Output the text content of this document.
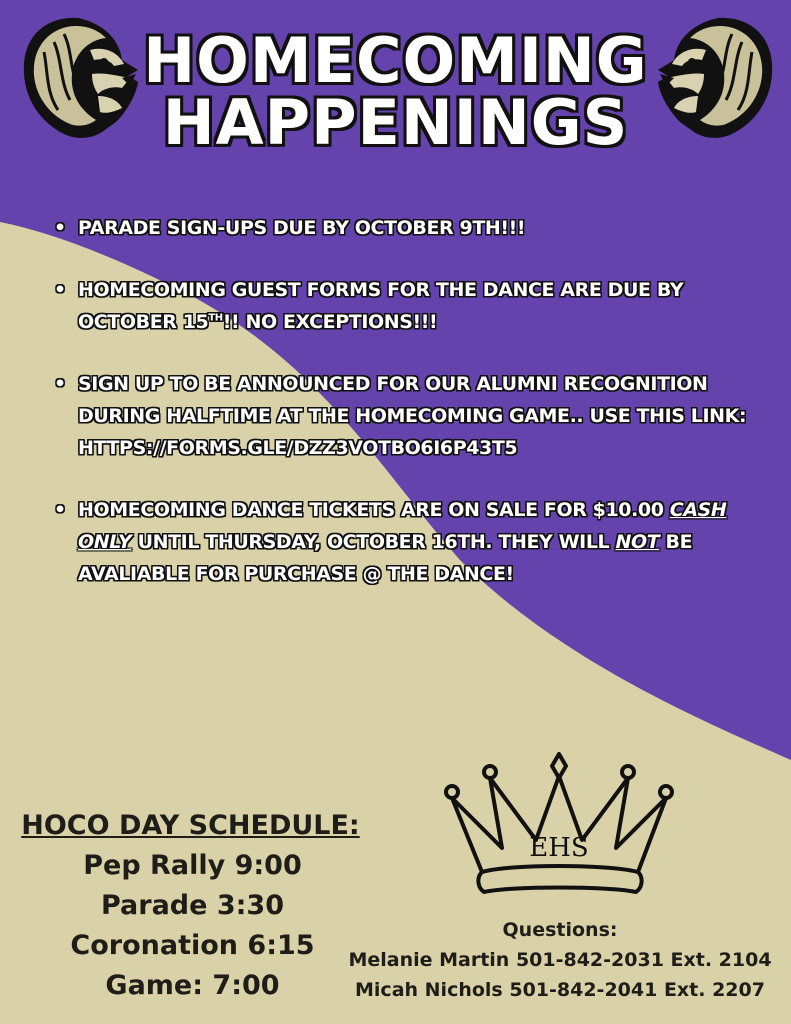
HOMECOMING
HAPPENINGS
• PARADE SIGN-UPS DUE BY OCTOBER 9TH!!!
• HOMECOMING GUEST FORMS FOR THE DANCE ARE DUE BY OCTOBER 15TH!! NO EXCEPTIONS!!!
• SIGN UP TO BE ANNOUNCED FOR OUR ALUMNI RECOGNITION DURING HALFTIME AT THE HOMECOMING GAME.. USE THIS LINK: HTTPS://FORMS.GLE/DZZ3VOTBO6I6P43T5
• HOMECOMING DANCE TICKETS ARE ON SALE FOR $10.00 CASH ONLY UNTIL THURSDAY, OCTOBER 16TH. THEY WILL NOT BE AVALIABLE FOR PURCHASE @ THE DANCE!
HOCO DAY SCHEDULE:
Pep Rally 9:00
Parade 3:30
Coronation 6:15
Game: 7:00
EHS
Questions:
Melanie Martin 501-842-2031 Ext. 2104
Micah Nichols 501-842-2041 Ext. 2207
